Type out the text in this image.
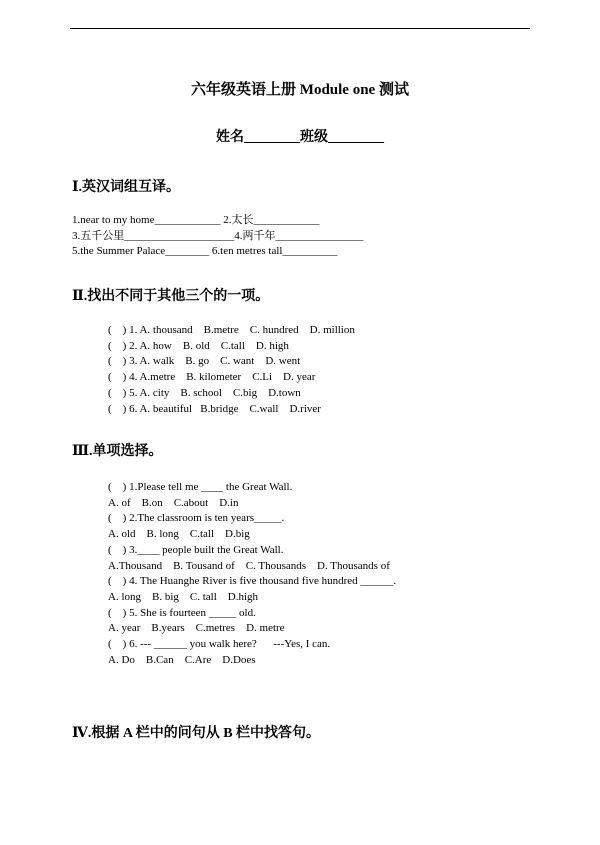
六年级英语上册 Module one 测试
姓名________班级________
Ⅰ.英汉词组互译。
1.near to my home____________ 2.太长____________
3.五千公里____________________4.两千年________________
5.the Summer Palace________ 6.ten metres tall__________
Ⅱ.找出不同于其他三个的一项。
(    ) 1. A. thousand    B.metre    C. hundred    D. million
(    ) 2. A. how    B. old    C.tall    D. high
(    ) 3. A. walk    B. go    C. want    D. went
(    ) 4. A.metre    B. kilometer    C.Li    D. year
(    ) 5. A. city    B. school    C.big    D.town
(    ) 6. A. beautiful   B.bridge    C.wall    D.river
Ⅲ.单项选择。
(    ) 1.Please tell me ____ the Great Wall.
A. of    B.on    C.about    D.in
(    ) 2.The classroom is ten years_____.
A. old    B. long    C.tall    D.big
(    ) 3.____ people built the Great Wall.
A.Thousand    B. Tousand of    C. Thousands    D. Thousands of
(    ) 4. The Huanghe River is five thousand five hundred ______.
A. long    B. big    C. tall    D.high
(    ) 5. She is fourteen _____ old.
A. year    B.years    C.metres    D. metre
(    ) 6. --- ______ you walk here?      ---Yes, I can.
A. Do    B.Can    C.Are    D.Does
Ⅳ.根据 A 栏中的问句从 B 栏中找答句。
